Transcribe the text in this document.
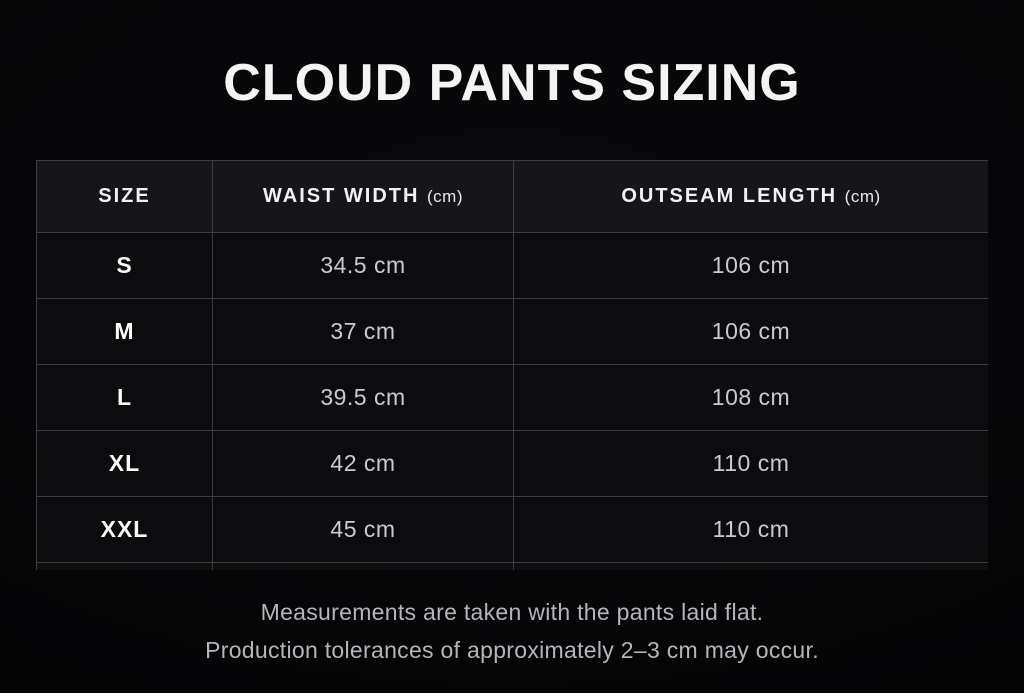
CLOUD PANTS SIZING
SIZE	WAIST WIDTH (cm)	OUTSEAM LENGTH (cm)
S	34.5 cm	106 cm
M	37 cm	106 cm
L	39.5 cm	108 cm
XL	42 cm	110 cm
XXL	45 cm	110 cm

Measurements are taken with the pants laid flat.

Production tolerances of approximately 2–3 cm may occur.
